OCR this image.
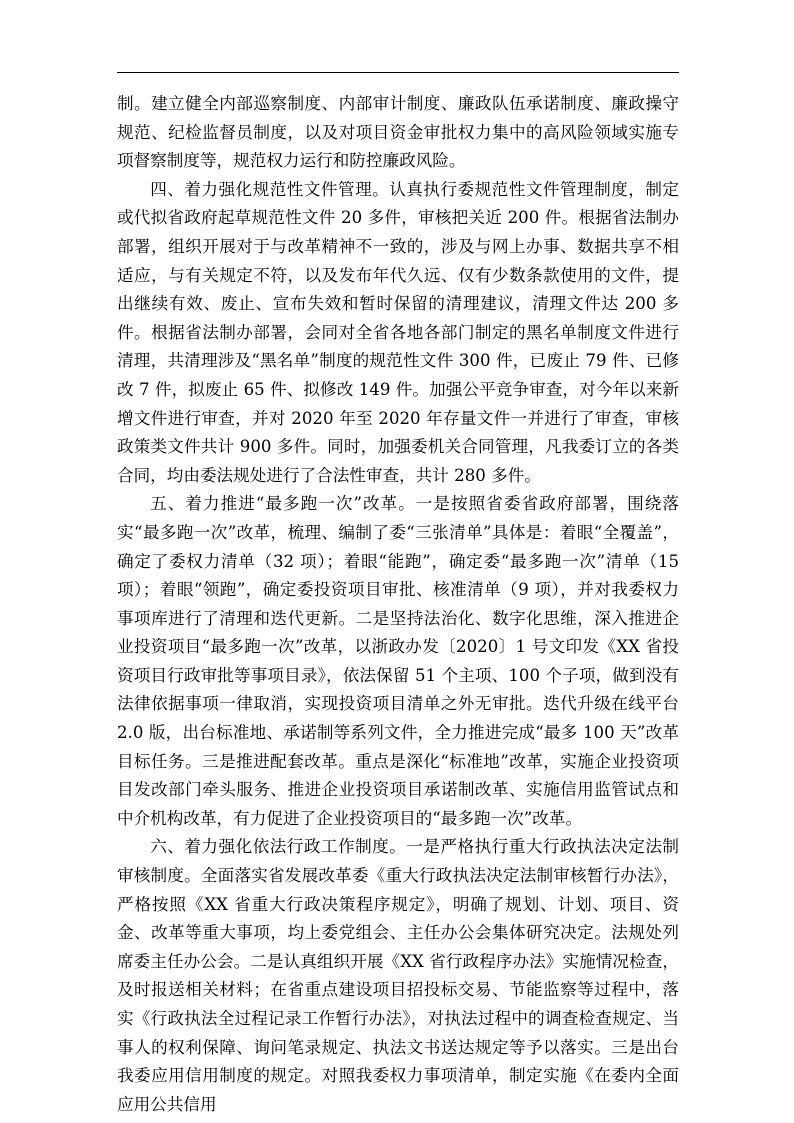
制。建立健全内部巡察制度、内部审计制度、廉政队伍承诺制度、廉政操守规范、纪检监督员制度，以及对项目资金审批权力集中的高风险领域实施专项督察制度等，规范权力运行和防控廉政风险。

四、着力强化规范性文件管理。认真执行委规范性文件管理制度，制定或代拟省政府起草规范性文件 20 多件，审核把关近 200 件。根据省法制办部署，组织开展对于与改革精神不一致的，涉及与网上办事、数据共享不相适应，与有关规定不符，以及发布年代久远、仅有少数条款使用的文件，提出继续有效、废止、宣布失效和暂时保留的清理建议，清理文件达 200 多件。根据省法制办部署，会同对全省各地各部门制定的黑名单制度文件进行清理，共清理涉及“黑名单”制度的规范性文件 300 件，已废止 79 件、已修改 7 件，拟废止 65 件、拟修改 149 件。加强公平竞争审查，对今年以来新增文件进行审查，并对 2020 年至 2020 年存量文件一并进行了审查，审核政策类文件共计 900 多件。同时，加强委机关合同管理，凡我委订立的各类合同，均由委法规处进行了合法性审查，共计 280 多件。

五、着力推进“最多跑一次”改革。一是按照省委省政府部署，围绕落实“最多跑一次”改革，梳理、编制了委“三张清单”具体是：着眼“全覆盖”，确定了委权力清单（32 项）；着眼“能跑”，确定委“最多跑一次”清单（15 项）；着眼“领跑”，确定委投资项目审批、核准清单（9 项），并对我委权力事项库进行了清理和迭代更新。二是坚持法治化、数字化思维，深入推进企业投资项目“最多跑一次”改革，以浙政办发〔2020〕1 号文印发《XX 省投资项目行政审批等事项目录》，依法保留 51 个主项、100 个子项，做到没有法律依据事项一律取消，实现投资项目清单之外无审批。迭代升级在线平台 2.0 版，出台标准地、承诺制等系列文件，全力推进完成“最多 100 天”改革目标任务。三是推进配套改革。重点是深化“标准地”改革，实施企业投资项目发改部门牵头服务、推进企业投资项目承诺制改革、实施信用监管试点和中介机构改革，有力促进了企业投资项目的“最多跑一次”改革。

六、着力强化依法行政工作制度。一是严格执行重大行政执法决定法制审核制度。全面落实省发展改革委《重大行政执法决定法制审核暂行办法》，严格按照《XX 省重大行政决策程序规定》，明确了规划、计划、项目、资金、改革等重大事项，均上委党组会、主任办公会集体研究决定。法规处列席委主任办公会。二是认真组织开展《XX 省行政程序办法》实施情况检查，及时报送相关材料；在省重点建设项目招投标交易、节能监察等过程中，落实《行政执法全过程记录工作暂行办法》，对执法过程中的调查检查规定、当事人的权利保障、询问笔录规定、执法文书送达规定等予以落实。三是出台我委应用信用制度的规定。对照我委权力事项清单，制定实施《在委内全面应用公共信用
